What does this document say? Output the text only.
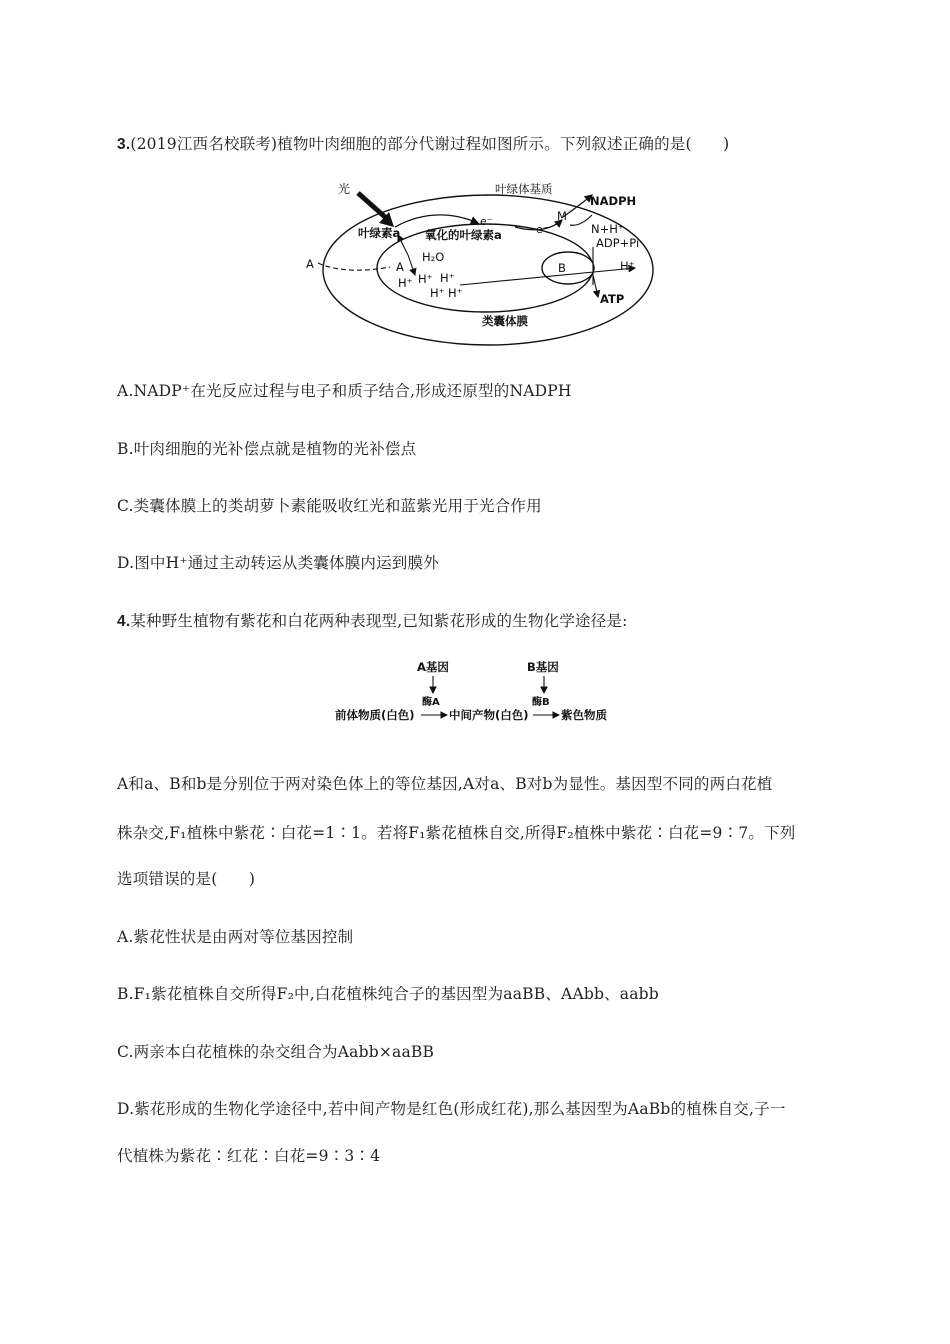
3.(2019江西名校联考)植物叶肉细胞的部分代谢过程如图所示。下列叙述正确的是(　　)
光	叶绿体基质
NADPH
M
叶绿素a 氧化的叶绿素a
e⁻
e⁻	N+H⁺
ADP+Pi
A	A
H₂O
B	H⁺
H⁺ H⁺ H⁺
H⁺ H⁺	ATP
类囊体膜
A.NADP⁺在光反应过程与电子和质子结合,形成还原型的NADPH
B.叶肉细胞的光补偿点就是植物的光补偿点
C.类囊体膜上的类胡萝卜素能吸收红光和蓝紫光用于光合作用
D.图中H⁺通过主动转运从类囊体膜内运到膜外
4.某种野生植物有紫花和白花两种表现型,已知紫花形成的生物化学途径是:
A基因	B基因
酶A	酶B
前体物质(白色)	中间产物(白色)	紫色物质
A和a、B和b是分别位于两对染色体上的等位基因,A对a、B对b为显性。基因型不同的两白花植
株杂交,F₁植株中紫花∶白花=1∶1。若将F₁紫花植株自交,所得F₂植株中紫花∶白花=9∶7。下列
选项错误的是(　　)
A.紫花性状是由两对等位基因控制
B.F₁紫花植株自交所得F₂中,白花植株纯合子的基因型为aaBB、AAbb、aabb
C.两亲本白花植株的杂交组合为Aabb×aaBB
D.紫花形成的生物化学途径中,若中间产物是红色(形成红花),那么基因型为AaBb的植株自交,子一
代植株为紫花∶红花∶白花=9∶3∶4
